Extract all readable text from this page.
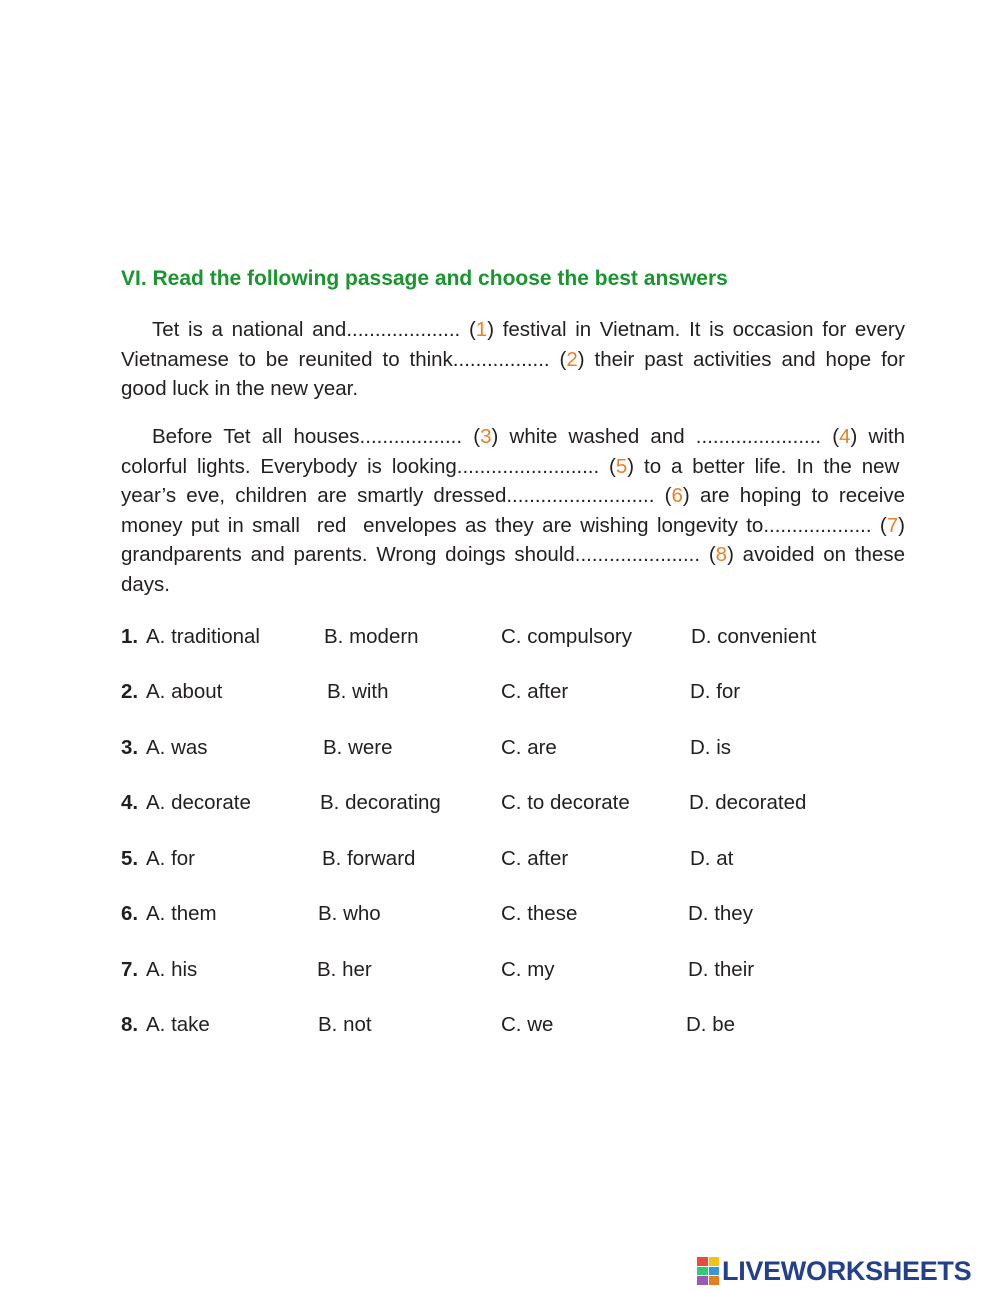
VI. Read the following passage and choose the best answers

Tet is a national and.................... (1) festival in Vietnam. It is occasion for every Vietnamese to be reunited to think................. (2) their past activities and hope for good luck in the new year.

Before Tet all houses.................. (3) white washed and ...................... (4) with colorful lights. Everybody is looking......................... (5) to a better life. In the new  year’s eve, children are smartly dressed.......................... (6) are hoping to receive money put in small  red  envelopes as they are wishing longevity to................... (7) grandparents and parents. Wrong doings should...................... (8) avoided on these days.

1. A. traditional	B. modern	C. compulsory	D. convenient
2. A. about	B. with	C. after	D. for
3. A. was	B. were	C. are	D. is
4. A. decorate	B. decorating	C. to decorate	D. decorated
5. A. for	B. forward	C. after	D. at
6. A. them	B. who	C. these	D. they
7. A. his	B. her	C. my	D. their
8. A. take	B. not	C. we	D. be
LIVEWORKSHEETS
